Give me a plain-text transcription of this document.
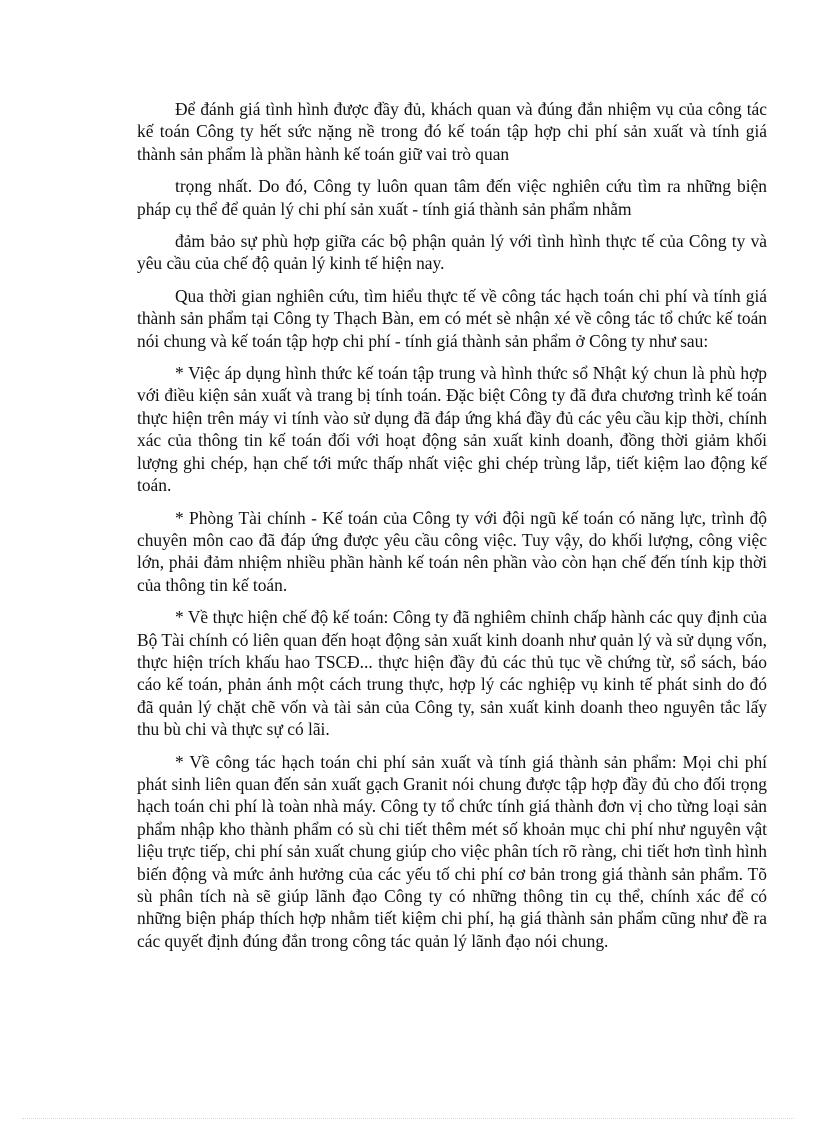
Để đánh giá tình hình được đầy đủ, khách quan và đúng đắn nhiệm vụ của công tác kế toán Công ty hết sức nặng nề trong đó kế toán tập hợp chi phí sản xuất và tính giá thành sản phẩm là phần hành kế toán giữ vai trò quan

trọng nhất. Do đó, Công ty luôn quan tâm đến việc nghiên cứu tìm ra những biện pháp cụ thể để quản lý chi phí sản xuất - tính giá thành sản phẩm nhằm

đảm bảo sự phù hợp giữa các bộ phận quản lý với tình hình thực tế của Công ty và yêu cầu của chế độ quản lý kinh tế hiện nay.

Qua thời gian nghiên cứu, tìm hiểu thực tế về công tác hạch toán chi phí và tính giá thành sản phẩm tại Công ty Thạch Bàn, em có mét sè nhận xé về công tác tổ chức kế toán nói chung và kế toán tập hợp chi phí - tính giá thành sản phẩm ở Công ty như sau:

* Việc áp dụng hình thức kế toán tập trung và hình thức sổ Nhật ký chun là phù hợp với điều kiện sản xuất và trang bị tính toán. Đặc biệt Công ty đã đưa chương trình kế toán thực hiện trên máy vi tính vào sử dụng đã đáp ứng khá đầy đủ các yêu cầu kịp thời, chính xác của thông tin kế toán đối với hoạt động sản xuất kinh doanh, đồng thời giảm khối lượng ghi chép, hạn chế tới mức thấp nhất việc ghi chép trùng lắp, tiết kiệm lao động kế toán.

* Phòng Tài chính - Kế toán của Công ty với đội ngũ kế toán có năng lực, trình độ chuyên môn cao đã đáp ứng được yêu cầu công việc. Tuy vậy, do khối lượng, công việc lớn, phải đảm nhiệm nhiều phần hành kế toán nên phần vào còn hạn chế đến tính kịp thời của thông tin kế toán.

* Về thực hiện chế độ kế toán: Công ty đã nghiêm chỉnh chấp hành các quy định của Bộ Tài chính có liên quan đến hoạt động sản xuất kinh doanh như quản lý và sử dụng vốn, thực hiện trích khấu hao TSCĐ... thực hiện đầy đủ các thủ tục về chứng từ, sổ sách, báo cáo kế toán, phản ánh một cách trung thực, hợp lý các nghiệp vụ kinh tế phát sinh do đó đã quản lý chặt chẽ vốn và tài sản của Công ty, sản xuất kinh doanh theo nguyên tắc lấy thu bù chi và thực sự có lãi.

* Về công tác hạch toán chi phí sản xuất và tính giá thành sản phẩm: Mọi chi phí phát sinh liên quan đến sản xuất gạch Granit nói chung được tập hợp đầy đủ cho đối trọng hạch toán chi phí là toàn nhà máy. Công ty tổ chức tính giá thành đơn vị cho từng loại sản phẩm nhập kho thành phẩm có sù chi tiết thêm mét số khoản mục chi phí như nguyên vật liệu trực tiếp, chi phí sản xuất chung giúp cho việc phân tích rõ ràng, chi tiết hơn tình hình biến động và mức ảnh hưởng của các yếu tố chi phí cơ bản trong giá thành sản phẩm. Tõ sù phân tích nà sẽ giúp lãnh đạo Công ty có những thông tin cụ thể, chính xác để có những biện pháp thích hợp nhằm tiết kiệm chi phí, hạ giá thành sản phẩm cũng như đề ra các quyết định đúng đắn trong công tác quản lý lãnh đạo nói chung.
